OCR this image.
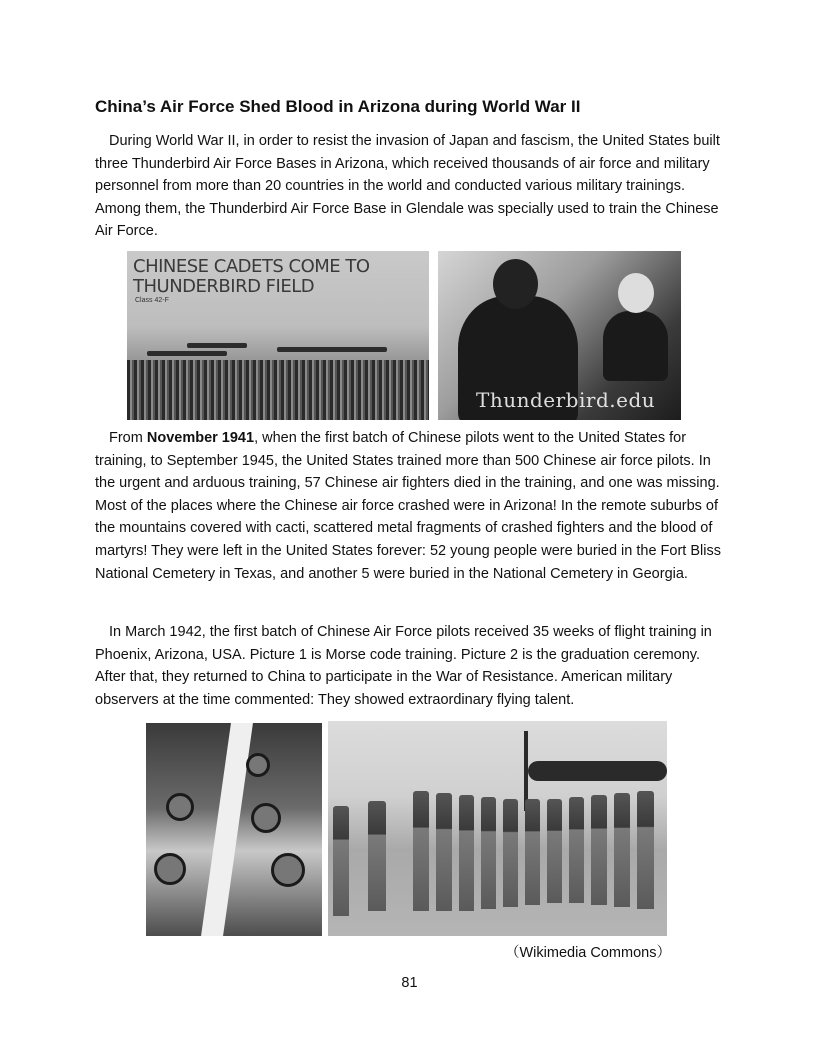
China’s Air Force Shed Blood in Arizona during World War II
During World War II, in order to resist the invasion of Japan and fascism, the United States built three Thunderbird Air Force Bases in Arizona, which received thousands of air force and military personnel from more than 20 countries in the world and conducted various military trainings. Among them, the Thunderbird Air Force Base in Glendale was specially used to train the Chinese Air Force.
CHINESE CADETS COME TO THUNDERBIRD FIELD
Class 42-F
Thunderbird.edu
From November 1941, when the first batch of Chinese pilots went to the United States for training, to September 1945, the United States trained more than 500 Chinese air force pilots. In the urgent and arduous training, 57 Chinese air fighters died in the training, and one was missing. Most of the places where the Chinese air force crashed were in Arizona! In the remote suburbs of the mountains covered with cacti, scattered metal fragments of crashed fighters and the blood of martyrs! They were left in the United States forever: 52 young people were buried in the Fort Bliss National Cemetery in Texas, and another 5 were buried in the National Cemetery in Georgia.
In March 1942, the first batch of Chinese Air Force pilots received 35 weeks of flight training in Phoenix, Arizona, USA. Picture 1 is Morse code training. Picture 2 is the graduation ceremony. After that, they returned to China to participate in the War of Resistance. American military observers at the time commented: They showed extraordinary flying talent.
（Wikimedia Commons）
81
